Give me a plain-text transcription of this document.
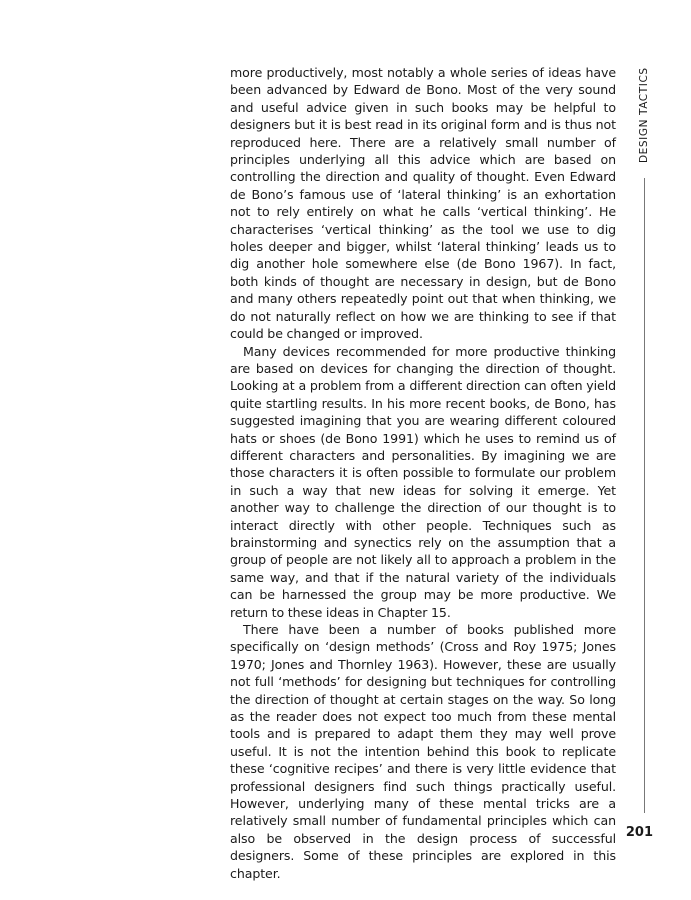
more productively, most notably a whole series of ideas have been advanced by Edward de Bono. Most of the very sound and useful advice given in such books may be helpful to designers but it is best read in its original form and is thus not reproduced here. There are a relatively small number of principles underlying all this advice which are based on controlling the direction and quality of thought. Even Edward de Bono’s famous use of ‘lateral thinking’ is an exhortation not to rely entirely on what he calls ‘vertical thinking’. He characterises ‘vertical thinking’ as the tool we use to dig holes deeper and bigger, whilst ‘lateral thinking’ leads us to dig another hole somewhere else (de Bono 1967). In fact, both kinds of thought are necessary in design, but de Bono and many others repeatedly point out that when thinking, we do not naturally reflect on how we are thinking to see if that could be changed or improved.

Many devices recommended for more productive thinking are based on devices for changing the direction of thought. Looking at a problem from a different direction can often yield quite startling results. In his more recent books, de Bono, has suggested imagining that you are wearing different coloured hats or shoes (de Bono 1991) which he uses to remind us of different characters and personalities. By imagining we are those characters it is often possible to formulate our problem in such a way that new ideas for solving it emerge. Yet another way to challenge the direction of our thought is to interact directly with other people. Techniques such as brainstorming and synectics rely on the assumption that a group of people are not likely all to approach a problem in the same way, and that if the natural variety of the individuals can be harnessed the group may be more productive. We return to these ideas in Chapter 15.

There have been a number of books published more specifically on ‘design methods’ (Cross and Roy 1975; Jones 1970; Jones and Thornley 1963). However, these are usually not full ‘methods’ for designing but techniques for controlling the direction of thought at certain stages on the way. So long as the reader does not expect too much from these mental tools and is prepared to adapt them they may well prove useful. It is not the intention behind this book to replicate these ‘cognitive recipes’ and there is very little evidence that professional designers find such things practically useful. However, underlying many of these mental tricks are a relatively small number of fundamental principles which can also be observed in the design process of successful designers. Some of these principles are explored in this chapter.

DESIGN TACTICS
201
